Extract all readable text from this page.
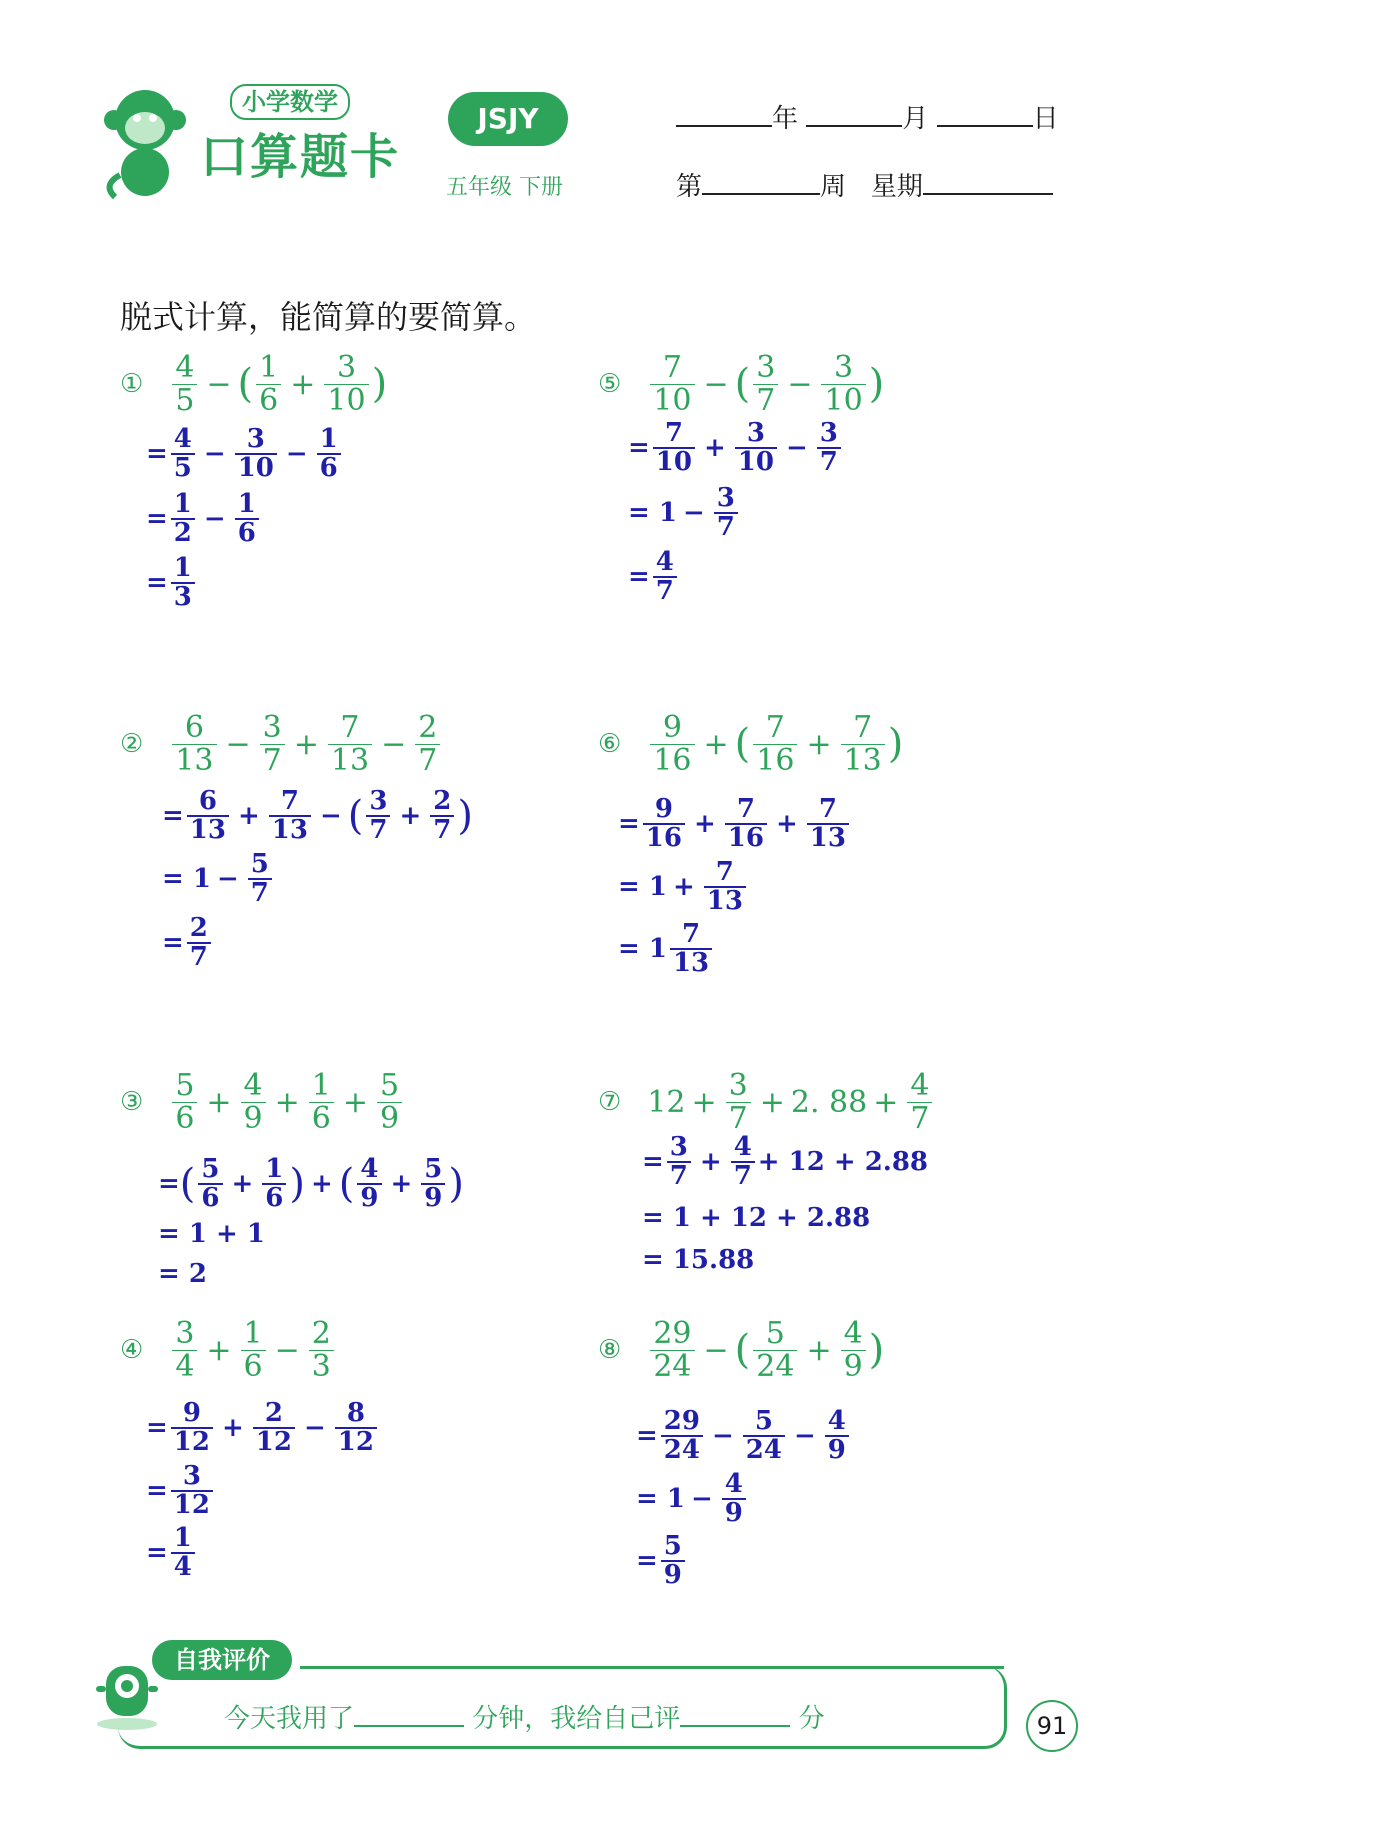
小学数学
口算题卡
JSJY
五年级 下册
年	月	日
第	周 星期
脱式计算，能简算的要简算。
① $\frac{4}{5}$ − ( $\frac{1}{6} + \frac{3}{10}$ )
= $\frac{4}{5} - \frac{3}{10} - \frac{1}{6}$
= $\frac{1}{2} - \frac{1}{6}$
= $\frac{1}{3}$
⑤ $\frac{7}{10}$ − ( $\frac{3}{7} - \frac{3}{10}$ )
= $\frac{7}{10} + \frac{3}{10} - \frac{3}{7}$
= $1 - \frac{3}{7}$
= $\frac{4}{7}$
② $\frac{6}{13} - \frac{3}{7} + \frac{7}{13} - \frac{2}{7}$
= $\frac{6}{13} + \frac{7}{13}$ − ( $\frac{3}{7} + \frac{2}{7}$ )
= $1 - \frac{5}{7}$
= $\frac{2}{7}$
⑥ $\frac{9}{16}$ + ( $\frac{7}{16} + \frac{7}{13}$ )
= $\frac{9}{16} + \frac{7}{16} + \frac{7}{13}$
= $1 + \frac{7}{13}$
= $1 \frac{7}{13}$
③ $\frac{5}{6} + \frac{4}{9} + \frac{1}{6} + \frac{5}{9}$
= ( $\frac{5}{6} + \frac{1}{6}$ ) + ( $\frac{4}{9} + \frac{5}{9}$ )
= 1 + 1
= 2
⑦ $12 + \frac{3}{7} + 2$. $88 + \frac{4}{7}$
= $\frac{3}{7} + \frac{4}{7} + 12 + 2.88$
= 1 + 12 + 2.88
= 15.88
④ $\frac{3}{4} + \frac{1}{6} - \frac{2}{3}$
= $\frac{9}{12} + \frac{2}{12} - \frac{8}{12}$
= $\frac{3}{12}$
= $\frac{1}{4}$
⑧ $\frac{29}{24}$ − ( $\frac{5}{24} + \frac{4}{9}$ )
= $\frac{29}{24} - \frac{5}{24} - \frac{4}{9}$
= $1 - \frac{4}{9}$
= $\frac{5}{9}$
自我评价
今天我用了	分钟，我给自己评	分	91
